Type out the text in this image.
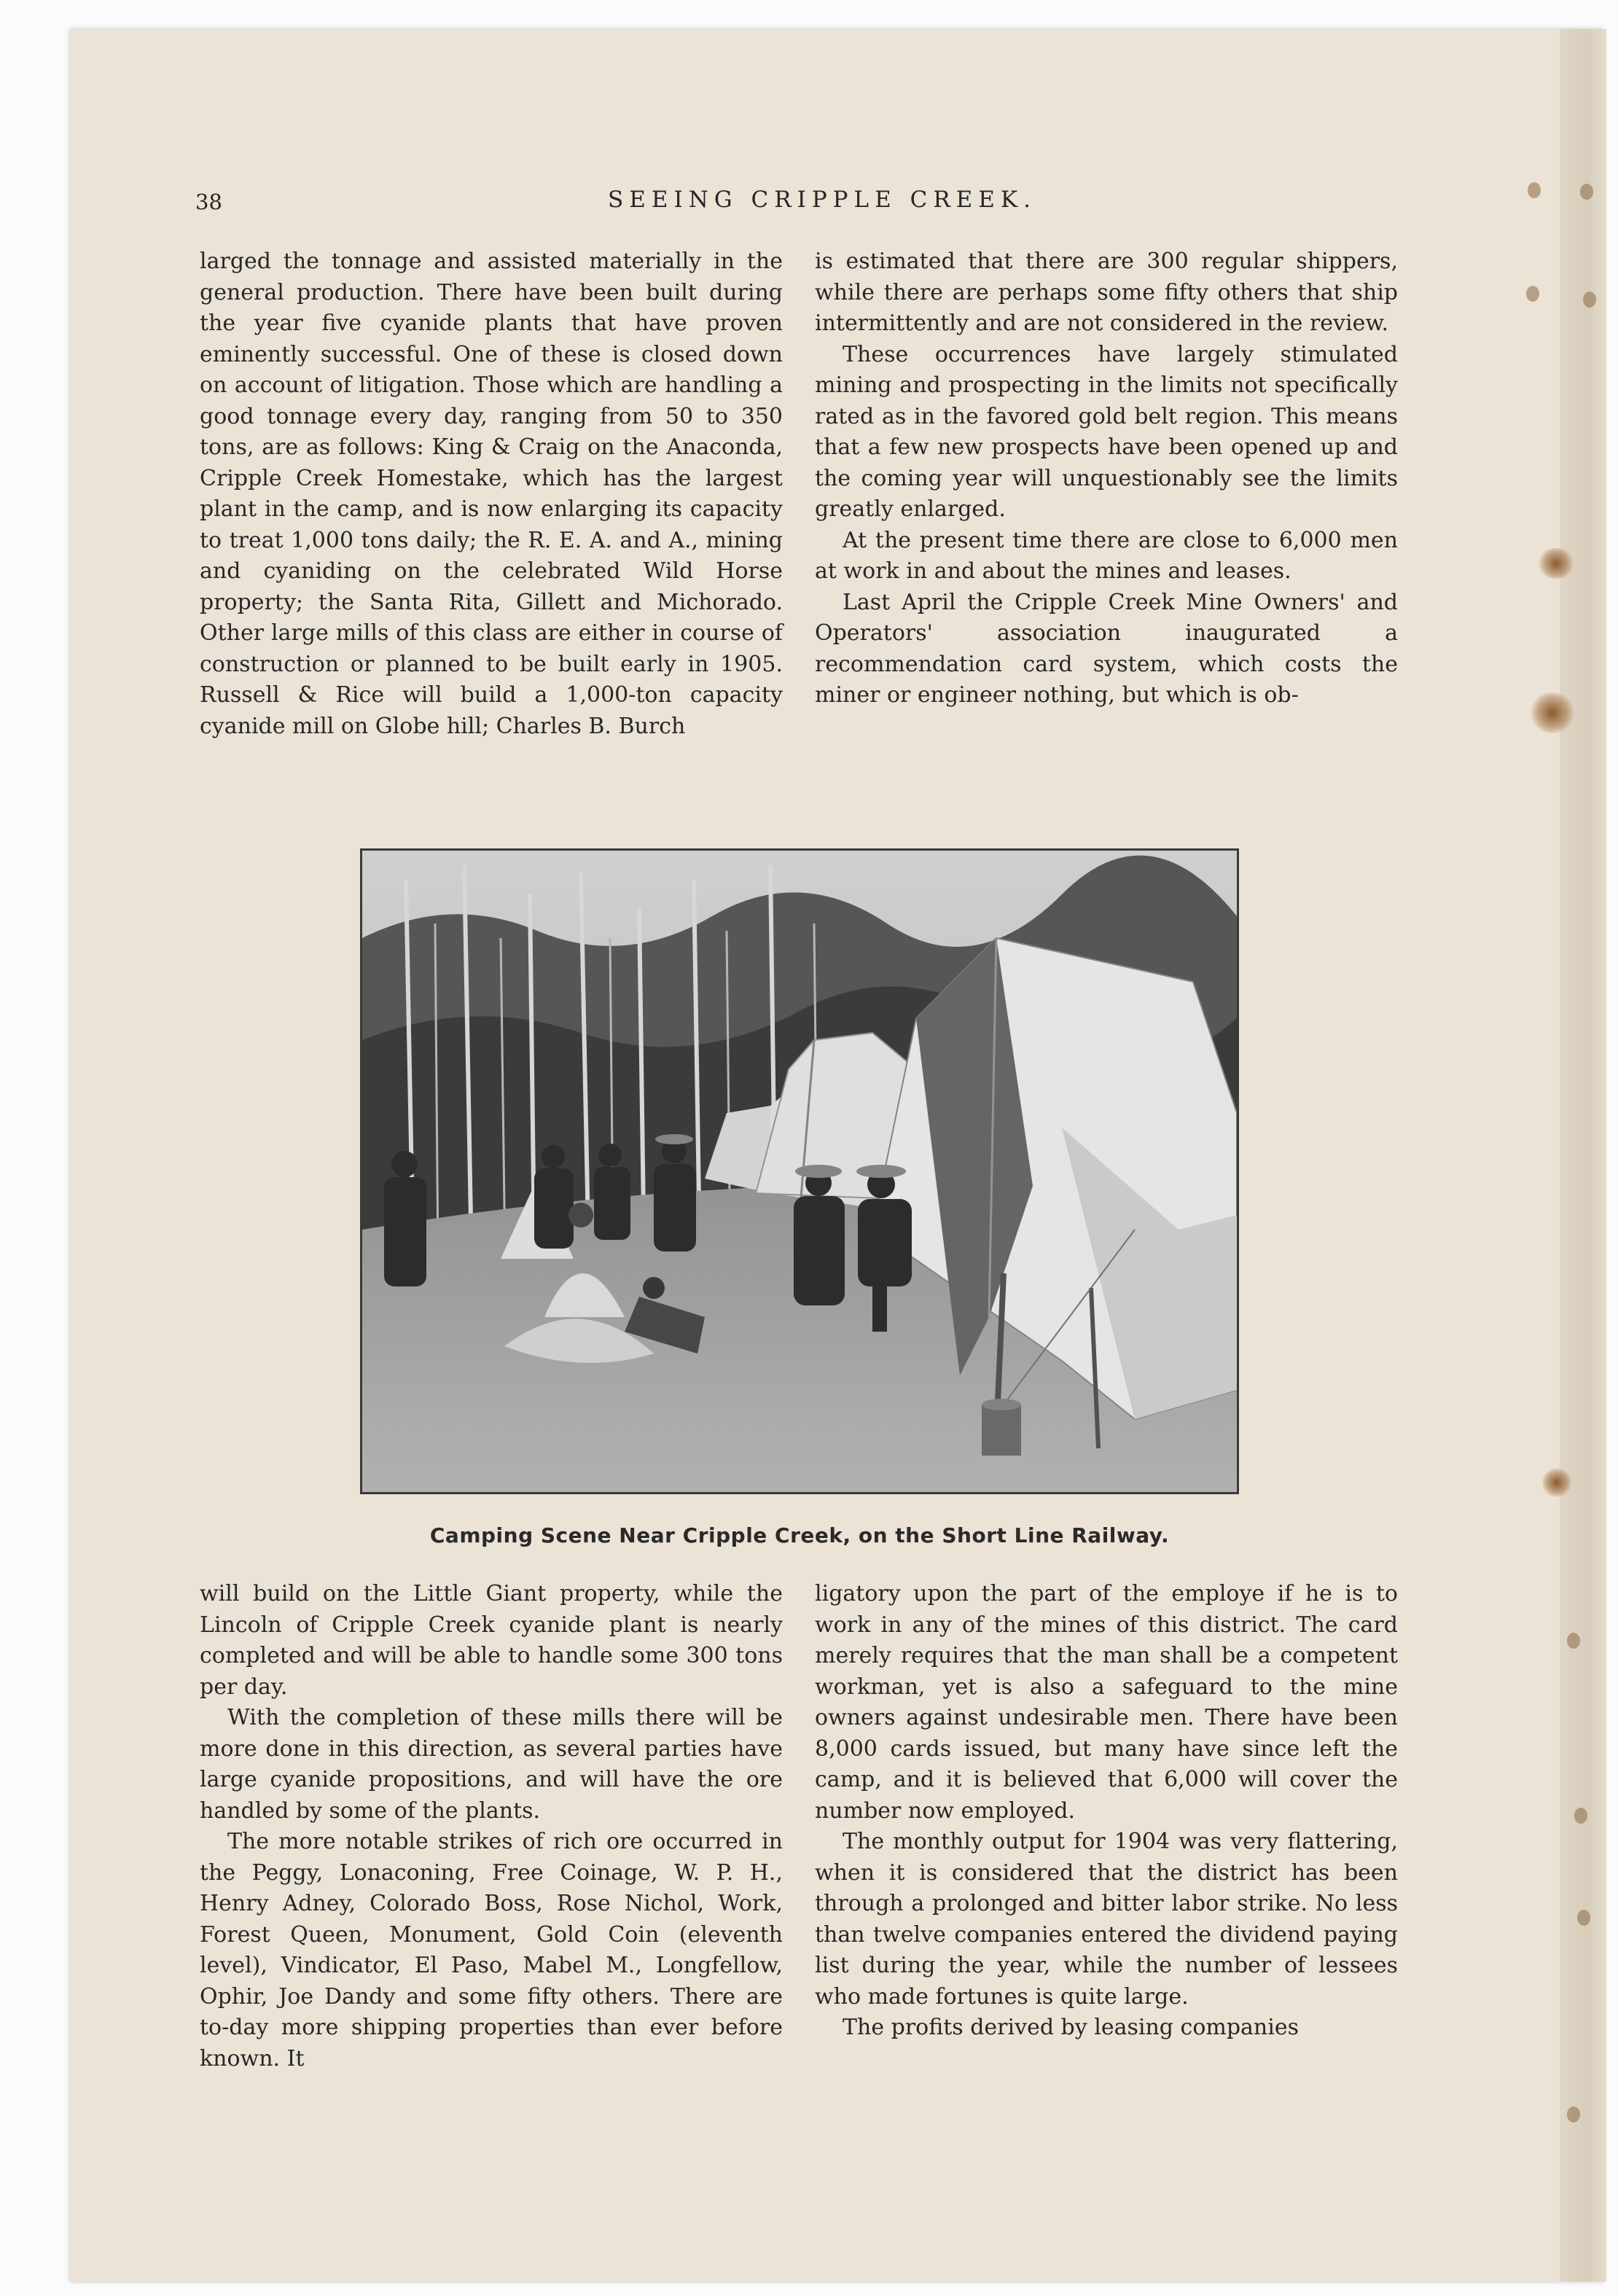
38	SEEING CRIPPLE CREEK.

larged the tonnage and assisted materially in the general production. There have been built during the year five cyanide plants that have proven eminently successful. One of these is closed down on account of litigation. Those which are handling a good tonnage every day, ranging from 50 to 350 tons, are as follows: King & Craig on the Anaconda, Cripple Creek Homestake, which has the largest plant in the camp, and is now enlarging its capacity to treat 1,000 tons daily; the R. E. A. and A., mining and cyaniding on the celebrated Wild Horse property; the Santa Rita, Gillett and Michorado. Other large mills of this class are either in course of construction or planned to be built early in 1905. Russell & Rice will build a 1,000-ton capacity cyanide mill on Globe hill; Charles B. Burch

is estimated that there are 300 regular shippers, while there are perhaps some fifty others that ship intermittently and are not considered in the review.

These occurrences have largely stimulated mining and prospecting in the limits not specifically rated as in the favored gold belt region. This means that a few new prospects have been opened up and the coming year will unquestionably see the limits greatly enlarged.

At the present time there are close to 6,000 men at work in and about the mines and leases.

Last April the Cripple Creek Mine Owners' and Operators' association inaugurated a recommendation card system, which costs the miner or engineer nothing, but which is ob-

Camping Scene Near Cripple Creek, on the Short Line Railway.

will build on the Little Giant property, while the Lincoln of Cripple Creek cyanide plant is nearly completed and will be able to handle some 300 tons per day.

With the completion of these mills there will be more done in this direction, as several parties have large cyanide propositions, and will have the ore handled by some of the plants.

The more notable strikes of rich ore occurred in the Peggy, Lonaconing, Free Coinage, W. P. H., Henry Adney, Colorado Boss, Rose Nichol, Work, Forest Queen, Monument, Gold Coin (eleventh level), Vindicator, El Paso, Mabel M., Longfellow, Ophir, Joe Dandy and some fifty others. There are to-day more shipping properties than ever before known. It

ligatory upon the part of the employe if he is to work in any of the mines of this district. The card merely requires that the man shall be a competent workman, yet is also a safeguard to the mine owners against undesirable men. There have been 8,000 cards issued, but many have since left the camp, and it is believed that 6,000 will cover the number now employed.

The monthly output for 1904 was very flattering, when it is considered that the district has been through a prolonged and bitter labor strike. No less than twelve companies entered the dividend paying list during the year, while the number of lessees who made fortunes is quite large.

The profits derived by leasing companies
